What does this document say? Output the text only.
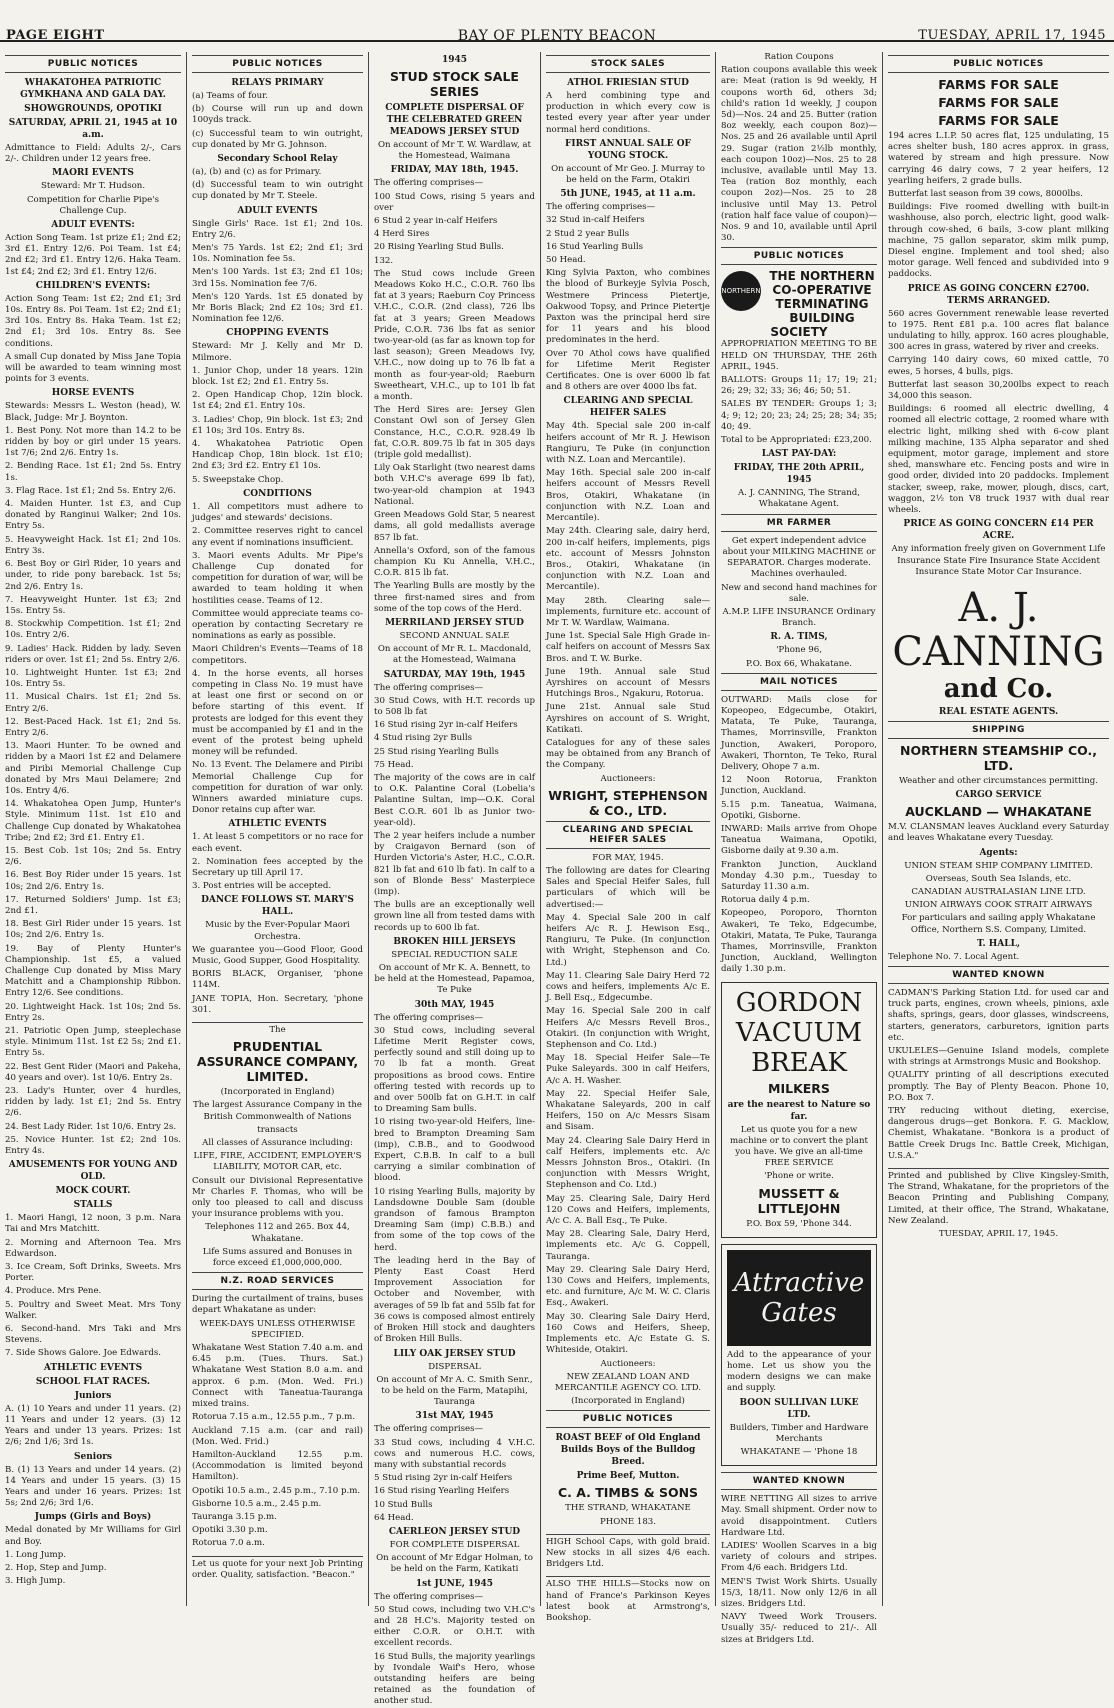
PAGE EIGHT	BAY OF PLENTY BEACON	TUESDAY, APRIL 17, 1945
PUBLIC NOTICES
WHAKATOHEA PATRIOTIC GYMKHANA AND GALA DAY.
SHOWGROUNDS, OPOTIKI
SATURDAY, APRIL 21, 1945 at 10 a.m.

Admittance to Field: Adults 2/-, Cars 2/-. Children under 12 years free.

MAORI EVENTS

Steward: Mr T. Hudson.

Competition for Charlie Pipe's Challenge Cup.

ADULT EVENTS:

Action Song Team. 1st prize £1; 2nd £2; 3rd £1. Entry 12/6. Poi Team. 1st £4; 2nd £2; 3rd £1. Entry 12/6. Haka Team. 1st £4; 2nd £2; 3rd £1. Entry 12/6.

CHILDREN'S EVENTS:

Action Song Team: 1st £2; 2nd £1; 3rd 10s. Entry 8s. Poi Team. 1st £2; 2nd £1; 3rd 10s. Entry 8s. Haka Team. 1st £2; 2nd £1; 3rd 10s. Entry 8s. See conditions.

A small Cup donated by Miss Jane Topia will be awarded to team winning most points for 3 events.

HORSE EVENTS

Stewards: Messrs L. Weston (head), W. Black, Judge: Mr J. Boynton.

1. Best Pony. Not more than 14.2 to be ridden by boy or girl under 15 years. 1st 7/6; 2nd 2/6. Entry 1s.

2. Bending Race. 1st £1; 2nd 5s. Entry 1s.

3. Flag Race. 1st £1; 2nd 5s. Entry 2/6.

4. Maiden Hunter. 1st £3, and Cup donated by Ranginui Walker; 2nd 10s. Entry 5s.

5. Heavyweight Hack. 1st £1; 2nd 10s. Entry 3s.

6. Best Boy or Girl Rider, 10 years and under, to ride pony bareback. 1st 5s; 2nd 2/6. Entry 1s.

7. Heavyweight Hunter. 1st £3; 2nd 15s. Entry 5s.

8. Stockwhip Competition. 1st £1; 2nd 10s. Entry 2/6.

9. Ladies' Hack. Ridden by lady. Seven riders or over. 1st £1; 2nd 5s. Entry 2/6.

10. Lightweight Hunter. 1st £3; 2nd 10s. Entry 5s.

11. Musical Chairs. 1st £1; 2nd 5s. Entry 2/6.

12. Best-Paced Hack. 1st £1; 2nd 5s. Entry 2/6.

13. Maori Hunter. To be owned and ridden by a Maori 1st £2 and Delamere and Piribi Memorial Challenge Cup donated by Mrs Maui Delamere; 2nd 10s. Entry 4/6.

14. Whakatohea Open Jump, Hunter's Style. Minimum 11st. 1st £10 and Challenge Cup donated by Whakatohea Tribe; 2nd £2; 3rd £1. Entry £1.

15. Best Cob. 1st 10s; 2nd 5s. Entry 2/6.

16. Best Boy Rider under 15 years. 1st 10s; 2nd 2/6. Entry 1s.

17. Returned Soldiers' Jump. 1st £3; 2nd £1.

18. Best Girl Rider under 15 years. 1st 10s; 2nd 2/6. Entry 1s.

19. Bay of Plenty Hunter's Championship. 1st £5, a valued Challenge Cup donated by Miss Mary Matchitt and a Championship Ribbon. Entry 12/6. See conditions.

20. Lightweight Hack. 1st 10s; 2nd 5s. Entry 2s.

21. Patriotic Open Jump, steeplechase style. Minimum 11st. 1st £2 5s; 2nd £1. Entry 5s.

22. Best Gent Rider (Maori and Pakeha, 40 years and over). 1st 10/6. Entry 2s.

23. Lady's Hunter, over 4 hurdles, ridden by lady. 1st £1; 2nd 5s. Entry 2/6.

24. Best Lady Rider. 1st 10/6. Entry 2s.

25. Novice Hunter. 1st £2; 2nd 10s. Entry 4s.

AMUSEMENTS FOR YOUNG AND OLD.
MOCK COURT.
STALLS

1. Maori Hangi, 12 noon, 3 p.m. Nara Tai and Mrs Matchitt.

2. Morning and Afternoon Tea. Mrs Edwardson.

3. Ice Cream, Soft Drinks, Sweets. Mrs Porter.

4. Produce. Mrs Pene.

5. Poultry and Sweet Meat. Mrs Tony Walker.

6. Second-hand. Mrs Taki and Mrs Stevens.

7. Side Shows Galore. Joe Edwards.

ATHLETIC EVENTS
SCHOOL FLAT RACES.
Juniors

A. (1) 10 Years and under 11 years. (2) 11 Years and under 12 years. (3) 12 Years and under 13 years. Prizes: 1st 2/6; 2nd 1/6; 3rd 1s.

Seniors

B. (1) 13 Years and under 14 years. (2) 14 Years and under 15 years. (3) 15 Years and under 16 years. Prizes: 1st 5s; 2nd 2/6; 3rd 1/6.

Jumps (Girls and Boys)

Medal donated by Mr Williams for Girl and Boy.

1. Long Jump.

2. Hop, Step and Jump.

3. High Jump.

PUBLIC NOTICES
RELAYS PRIMARY

(a) Teams of four.

(b) Course will run up and down 100yds track.

(c) Successful team to win outright, cup donated by Mr G. Johnson.

Secondary School Relay

(a), (b) and (c) as for Primary.

(d) Successful team to win outright cup donated by Mr T. Steele.

ADULT EVENTS

Single Girls' Race. 1st £1; 2nd 10s. Entry 2/6.

Men's 75 Yards. 1st £2; 2nd £1; 3rd 10s. Nomination fee 5s.

Men's 100 Yards. 1st £3; 2nd £1 10s; 3rd 15s. Nomination fee 7/6.

Men's 120 Yards. 1st £5 donated by Mr Boris Black; 2nd £2 10s; 3rd £1. Nomination fee 12/6.

CHOPPING EVENTS

Steward: Mr J. Kelly and Mr D. Milmore.

1. Junior Chop, under 18 years. 12in block. 1st £2; 2nd £1. Entry 5s.

2. Open Handicap Chop, 12in block. 1st £4; 2nd £1. Entry 10s.

3. Ladies' Chop, 9in block. 1st £3; 2nd £1 10s; 3rd 10s. Entry 8s.

4. Whakatohea Patriotic Open Handicap Chop, 18in block. 1st £10; 2nd £3; 3rd £2. Entry £1 10s.

5. Sweepstake Chop.

CONDITIONS

1. All competitors must adhere to judges' and stewards' decisions.

2. Committee reserves right to cancel any event if nominations insufficient.

3. Maori events Adults. Mr Pipe's Challenge Cup donated for competition for duration of war, will be awarded to team holding it when hostilities cease. Teams of 12.

Committee would appreciate teams co-operation by contacting Secretary re nominations as early as possible.

Maori Children's Events—Teams of 18 competitors.

4. In the horse events, all horses competing in Class No. 19 must have at least one first or second on or before starting of this event. If protests are lodged for this event they must be accompanied by £1 and in the event of the protest being upheld money will be refunded.

No. 13 Event. The Delamere and Piribi Memorial Challenge Cup for competition for duration of war only. Winners awarded miniature cups. Donor retains cup after war.

ATHLETIC EVENTS

1. At least 5 competitors or no race for each event.

2. Nomination fees accepted by the Secretary up till April 17.

3. Post entries will be accepted.

DANCE FOLLOWS ST. MARY'S HALL.

Music by the Ever-Popular Maori Orchestra.

We guarantee you—Good Floor, Good Music, Good Supper, Good Hospitality.

BORIS BLACK, Organiser, 'phone 114M.

JANE TOPIA, Hon. Secretary, 'phone 301.

The

PRUDENTIAL ASSURANCE COMPANY, LIMITED.

(Incorporated in England)

The largest Assurance Company in the British Commonwealth of Nations

transacts

All classes of Assurance including:

LIFE, FIRE, ACCIDENT, EMPLOYER'S LIABILITY, MOTOR CAR, etc.

Consult our Divisional Representative Mr Charles F. Thomas, who will be only too pleased to call and discuss your insurance problems with you.

Telephones 112 and 265. Box 44, Whakatane.

Life Sums assured and Bonuses in force exceed £1,000,000,000.

N.Z. ROAD SERVICES

During the curtailment of trains, buses depart Whakatane as under:

WEEK-DAYS UNLESS OTHERWISE SPECIFIED.

Whakatane West Station 7.40 a.m. and 6.45 p.m. (Tues. Thurs. Sat.) Whakatane West Station 8.0 a.m. and approx. 6 p.m. (Mon. Wed. Fri.) Connect with Taneatua-Tauranga mixed trains.

Rotorua 7.15 a.m., 12.55 p.m., 7 p.m.

Auckland 7.15 a.m. (car and rail) (Mon. Wed. Frid.)

Hamilton-Auckland 12.55 p.m. (Accommodation is limited beyond Hamilton).

Opotiki 10.5 a.m., 2.45 p.m., 7.10 p.m.

Gisborne 10.5 a.m., 2.45 p.m.

Tauranga 3.15 p.m.

Opotiki 3.30 p.m.

Rotorua 7.0 a.m.

Let us quote for your next Job Printing order. Quality, satisfaction. "Beacon."

1945
STUD STOCK SALE SERIES
COMPLETE DISPERSAL OF THE CELEBRATED GREEN MEADOWS JERSEY STUD

On account of Mr T. W. Wardlaw, at the Homestead, Waimana

FRIDAY, MAY 18th, 1945.

The offering comprises—

100 Stud Cows, rising 5 years and over

6 Stud 2 year in-calf Heifers

4 Herd Sires

20 Rising Yearling Stud Bulls.

132.

The Stud cows include Green Meadows Koko H.C., C.O.R. 760 lbs fat at 3 years; Raeburn Coy Princess V.H.C., C.O.R. (2nd class), 726 lbs fat at 3 years; Green Meadows Pride, C.O.R. 736 lbs fat as senior two-year-old (as far as known top for last season); Green Meadows Ivy, V.H.C., now doing up to 76 lb fat a month as four-year-old; Raeburn Sweetheart, V.H.C., up to 101 lb fat a month.

The Herd Sires are: Jersey Glen Constant Owl son of Jersey Glen Constance, H.C., C.O.R. 928.49 lb fat, C.O.R. 809.75 lb fat in 305 days (triple gold medallist).

Lily Oak Starlight (two nearest dams both V.H.C's average 699 lb fat), two-year-old champion at 1943 National.

Green Meadows Gold Star, 5 nearest dams, all gold medallists average 857 lb fat.

Annella's Oxford, son of the famous champion Ku Ku Annella, V.H.C., C.O.R. 815 lb fat.

The Yearling Bulls are mostly by the three first-named sires and from some of the top cows of the Herd.

MERRILAND JERSEY STUD

SECOND ANNUAL SALE

On account of Mr R. L. Macdonald, at the Homestead, Waimana

SATURDAY, MAY 19th, 1945

The offering comprises—

30 Stud Cows, with H.T. records up to 508 lb fat

16 Stud rising 2yr in-calf Heifers

4 Stud rising 2yr Bulls

25 Stud rising Yearling Bulls

75 Head.

The majority of the cows are in calf to O.K. Palantine Coral (Lobelia's Palantine Sultan, imp—O.K. Coral Best C.O.R. 601 lb as Junior two-year-old).

The 2 year heifers include a number by Craigavon Bernard (son of Hurden Victoria's Aster, H.C., C.O.R. 821 lb fat and 610 lb fat). In calf to a son of Blonde Bess' Masterpiece (imp).

The bulls are an exceptionally well grown line all from tested dams with records up to 600 lb fat.

BROKEN HILL JERSEYS

SPECIAL REDUCTION SALE

On account of Mr K. A. Bennett, to be held at the Homestead, Papamoa, Te Puke

30th MAY, 1945

The offering comprises—

30 Stud cows, including several Lifetime Merit Register cows, perfectly sound and still doing up to 70 lb fat a month. Great propositions as brood cows. Entire offering tested with records up to and over 500lb fat on G.H.T. in calf to Dreaming Sam bulls.

10 rising two-year-old Heifers, line-bred to Brampton Dreaming Sam (imp), C.B.B., and to Goodwood Expert, C.B.B. In calf to a bull carrying a similar combination of blood.

10 rising Yearling Bulls, majority by Landsdowne Double Sam (double grandson of famous Brampton Dreaming Sam (imp) C.B.B.) and from some of the top cows of the herd.

The leading herd in the Bay of Plenty East Coast Herd Improvement Association for October and November, with averages of 59 lb fat and 55lb fat for 36 cows is composed almost entirely of Broken Hill stock and daughters of Broken Hill Bulls.

LILY OAK JERSEY STUD

DISPERSAL

On account of Mr A. C. Smith Senr., to be held on the Farm, Matapihi, Tauranga

31st MAY, 1945

The offering comprises—

33 Stud cows, including 4 V.H.C. cows and numerous H.C. cows, many with substantial records

5 Stud rising 2yr in-calf Heifers

16 Stud rising Yearling Heifers

10 Stud Bulls

64 Head.

CAERLEON JERSEY STUD

FOR COMPLETE DISPERSAL

On account of Mr Edgar Holman, to be held on the Farm, Katikati

1st JUNE, 1945

The offering comprises—

50 Stud cows, including two V.H.C's and 28 H.C's. Majority tested on either C.O.R. or O.H.T. with excellent records.

16 Stud Bulls, the majority yearlings by Ivondale Waif's Hero, whose outstanding heifers are being retained as the foundation of another stud.

STOCK SALES
ATHOL FRIESIAN STUD

A herd combining type and production in which every cow is tested every year after year under normal herd conditions.

FIRST ANNUAL SALE OF YOUNG STOCK.

On account of Mr Geo. J. Murray to be held on the Farm, Otakiri

5th JUNE, 1945, at 11 a.m.

The offering comprises—

32 Stud in-calf Heifers

2 Stud 2 year Bulls

16 Stud Yearling Bulls

50 Head.

King Sylvia Paxton, who combines the blood of Burkeyje Sylvia Posch, Westmere Princess Pietertje, Oakwood Topsy, and Prince Pietertje Paxton was the principal herd sire for 11 years and his blood predominates in the herd.

Over 70 Athol cows have qualified for Lifetime Merit Register Certificates. One is over 6000 lb fat and 8 others are over 4000 lbs fat.

CLEARING AND SPECIAL HEIFER SALES

May 4th. Special sale 200 in-calf heifers account of Mr R. J. Hewison Rangiuru, Te Puke (in conjunction with N.Z. Loan and Mercantile).

May 16th. Special sale 200 in-calf heifers account of Messrs Revell Bros, Otakiri, Whakatane (in conjunction with N.Z. Loan and Mercantile).

May 24th. Clearing sale, dairy herd, 200 in-calf heifers, implements, pigs etc. account of Messrs Johnston Bros., Otakiri, Whakatane (in conjunction with N.Z. Loan and Mercantile).

May 28th. Clearing sale—implements, furniture etc. account of Mr T. W. Wardlaw, Waimana.

June 1st. Special Sale High Grade in-calf heifers on account of Messrs Sax Bros. and T. W. Burke.

June 19th. Annual sale Stud Ayrshires on account of Messrs Hutchings Bros., Ngakuru, Rotorua.

June 21st. Annual sale Stud Ayrshires on account of S. Wright, Katikati.

Catalogues for any of these sales may be obtained from any Branch of the Company.

Auctioneers:

WRIGHT, STEPHENSON & CO., LTD.
CLEARING AND SPECIAL HEIFER SALES

FOR MAY, 1945.

The following are dates for Clearing Sales and Special Heifer Sales, full particulars of which will be advertised:—

May 4. Special Sale 200 in calf heifers A/c R. J. Hewison Esq., Rangiuru, Te Puke. (In conjunction with Wright, Stephenson and Co. Ltd.)

May 11. Clearing Sale Dairy Herd 72 cows and heifers, implements A/c E. J. Bell Esq., Edgecumbe.

May 16. Special Sale 200 in calf Heifers A/c Messrs Revell Bros., Otakiri. (In conjunction with Wright, Stephenson and Co. Ltd.)

May 18. Special Heifer Sale—Te Puke Saleyards. 300 in calf Heifers, A/c A. H. Washer.

May 22. Special Heifer Sale, Whakatane Saleyards, 200 in calf Heifers, 150 on A/c Messrs Sisam and Sisam.

May 24. Clearing Sale Dairy Herd in calf Heifers, implements etc. A/c Messrs Johnston Bros., Otakiri. (In conjunction with Messrs Wright, Stephenson and Co. Ltd.)

May 25. Clearing Sale, Dairy Herd 120 Cows and Heifers, implements, A/c C. A. Ball Esq., Te Puke.

May 28. Clearing Sale, Dairy Herd, implements etc. A/c G. Coppell, Tauranga.

May 29. Clearing Sale Dairy Herd, 130 Cows and Heifers, implements, etc. and furniture, A/c M. W. C. Claris Esq., Awakeri.

May 30. Clearing Sale Dairy Herd, 160 Cows and Heifers, Sheep, Implements etc. A/c Estate G. S. Whiteside, Otakiri.

Auctioneers:

NEW ZEALAND LOAN AND MERCANTILE AGENCY CO. LTD.

(Incorporated in England)

PUBLIC NOTICES
ROAST BEEF of Old England Builds Boys of the Bulldog Breed.
Prime Beef, Mutton.
C. A. TIMBS & SONS

THE STRAND, WHAKATANE

PHONE 183.

HIGH School Caps, with gold braid. New stocks in all sizes 4/6 each. Bridgers Ltd.

ALSO THE HILLS—Stocks now on hand of France's Parkinson Keyes latest book at Armstrong's, Bookshop.

Ration Coupons

Ration coupons available this week are: Meat (ration is 9d weekly, H coupons worth 6d, others 3d; child's ration 1d weekly, J coupon 5d)—Nos. 24 and 25. Butter (ration 8oz weekly, each coupon 8oz)—Nos. 25 and 26 available until April 29. Sugar (ration 2½lb monthly, each coupon 10oz)—Nos. 25 to 28 inclusive, available until May 13. Tea (ration 8oz monthly, each coupon 2oz)—Nos. 25 to 28 inclusive until May 13. Petrol (ration half face value of coupon)—Nos. 9 and 10, available until April 30.

PUBLIC NOTICES
NORTHERN
THE NORTHERN CO-OPERATIVE TERMINATING BUILDING SOCIETY

APPROPRIATION MEETING TO BE HELD ON THURSDAY, THE 26th APRIL, 1945.

BALLOTS: Groups 11; 17; 19; 21; 26; 29; 32; 33; 36; 46; 50; 51.

SALES BY TENDER: Groups 1; 3; 4; 9; 12; 20; 23; 24; 25; 28; 34; 35; 40; 49.

Total to be Appropriated: £23,200.

LAST PAY-DAY:
FRIDAY, THE 20th APRIL, 1945

A. J. CANNING, The Strand, Whakatane Agent.

MR FARMER

Get expert independent advice about your MILKING MACHINE or SEPARATOR. Charges moderate. Machines overhauled.

New and second hand machines for sale.

A.M.P. LIFE INSURANCE Ordinary Branch.

R. A. TIMS,

'Phone 96,

P.O. Box 66, Whakatane.

MAIL NOTICES

OUTWARD: Mails close for Kopeopeo, Edgecumbe, Otakiri, Matata, Te Puke, Tauranga, Thames, Morrinsville, Frankton Junction, Awakeri, Poroporo, Awakeri, Thornton, Te Teko, Rural Delivery, Ohope 7 a.m.

12 Noon Rotorua, Frankton Junction, Auckland.

5.15 p.m. Taneatua, Waimana, Opotiki, Gisborne.

INWARD: Mails arrive from Ohope Taneatua Waimana, Opotiki, Gisborne daily at 9.30 a.m.

Frankton Junction, Auckland Monday 4.30 p.m., Tuesday to Saturday 11.30 a.m.

Rotorua daily 4 p.m.

Kopeopeo, Poroporo, Thornton Awakeri, Te Teko, Edgecumbe, Otakiri, Matata, Te Puke, Tauranga Thames, Morrinsville, Frankton Junction, Auckland, Wellington daily 1.30 p.m.

GORDON VACUUM
BREAK
MILKERS
are the nearest to Nature so far.

Let us quote you for a new machine or to convert the plant you have. We give an all-time FREE SERVICE

'Phone or write.

MUSSETT & LITTLEJOHN

P.O. Box 59, 'Phone 344.

Attractive Gates

Add to the appearance of your home. Let us show you the modern designs we can make and supply.

BOON SULLIVAN LUKE LTD.

Builders, Timber and Hardware Merchants

WHAKATANE — 'Phone 18

WANTED KNOWN

WIRE NETTING All sizes to arrive May. Small shipment. Order now to avoid disappointment. Cutlers Hardware Ltd.

LADIES' Woollen Scarves in a big variety of colours and stripes. From 4/6 each. Bridgers Ltd.

MEN'S Twist Work Shirts. Usually 15/3, 18/11. Now only 12/6 in all sizes. Bridgers Ltd.

NAVY Tweed Work Trousers. Usually 35/- reduced to 21/-. All sizes at Bridgers Ltd.

PUBLIC NOTICES
FARMS FOR SALE
FARMS FOR SALE
FARMS FOR SALE

194 acres L.I.P. 50 acres flat, 125 undulating, 15 acres shelter bush, 180 acres approx. in grass, watered by stream and high pressure. Now carrying 46 dairy cows, 7 2 year heifers, 12 yearling heifers, 2 grade bulls.

Butterfat last season from 39 cows, 8000lbs.

Buildings: Five roomed dwelling with built-in washhouse, also porch, electric light, good walk-through cow-shed, 6 bails, 3-cow plant milking machine, 75 gallon separator, skim milk pump, Diesel engine. Implement and tool shed; also motor garage. Well fenced and subdivided into 9 paddocks.

PRICE AS GOING CONCERN £2700. TERMS ARRANGED.

560 acres Government renewable lease reverted to 1975. Rent £81 p.a. 100 acres flat balance undulating to hilly, approx. 160 acres ploughable, 300 acres in grass, watered by river and creeks.

Carrying 140 dairy cows, 60 mixed cattle, 70 ewes, 5 horses, 4 bulls, pigs.

Butterfat last season 30,200lbs expect to reach 34,000 this season.

Buildings: 6 roomed all electric dwelling, 4 roomed all electric cottage, 2 roomed whare with electric light, milking shed with 6-cow plant milking machine, 135 Alpha separator and shed equipment, motor garage, implement and store shed, manswhare etc. Fencing posts and wire in good order, divided into 20 paddocks. Implement stacker, sweep, rake, mower, plough, discs, cart, waggon, 2½ ton V8 truck 1937 with dual rear wheels.

PRICE AS GOING CONCERN £14 PER ACRE.

Any information freely given on Government Life Insurance State Fire Insurance State Accident Insurance State Motor Car Insurance.

A. J. CANNING
and Co.
REAL ESTATE AGENTS.
SHIPPING
NORTHERN STEAMSHIP CO., LTD.

Weather and other circumstances permitting.

CARGO SERVICE
AUCKLAND — WHAKATANE

M.V. CLANSMAN leaves Auckland every Saturday and leaves Whakatane every Tuesday.

Agents:

UNION STEAM SHIP COMPANY LIMITED.

Overseas, South Sea Islands, etc.

CANADIAN AUSTRALASIAN LINE LTD.

UNION AIRWAYS COOK STRAIT AIRWAYS

For particulars and sailing apply Whakatane Office, Northern S.S. Company, Limited.

T. HALL,

Telephone No. 7. Local Agent.

WANTED KNOWN

CADMAN'S Parking Station Ltd. for used car and truck parts, engines, crown wheels, pinions, axle shafts, springs, gears, door glasses, windscreens, starters, generators, carburetors, ignition parts etc.

UKULELES—Genuine Island models, complete with strings at Armstrongs Music and Bookshop.

QUALITY printing of all descriptions executed promptly. The Bay of Plenty Beacon. Phone 10, P.O. Box 7.

TRY reducing without dieting, exercise, dangerous drugs—get Bonkora. F. G. Macklow, Chemist, Whakatane. "Bonkora is a product of Battle Creek Drugs Inc. Battle Creek, Michigan, U.S.A."

Printed and published by Clive Kingsley-Smith, The Strand, Whakatane, for the proprietors of the Beacon Printing and Publishing Company, Limited, at their office, The Strand, Whakatane, New Zealand.

TUESDAY, APRIL 17, 1945.
